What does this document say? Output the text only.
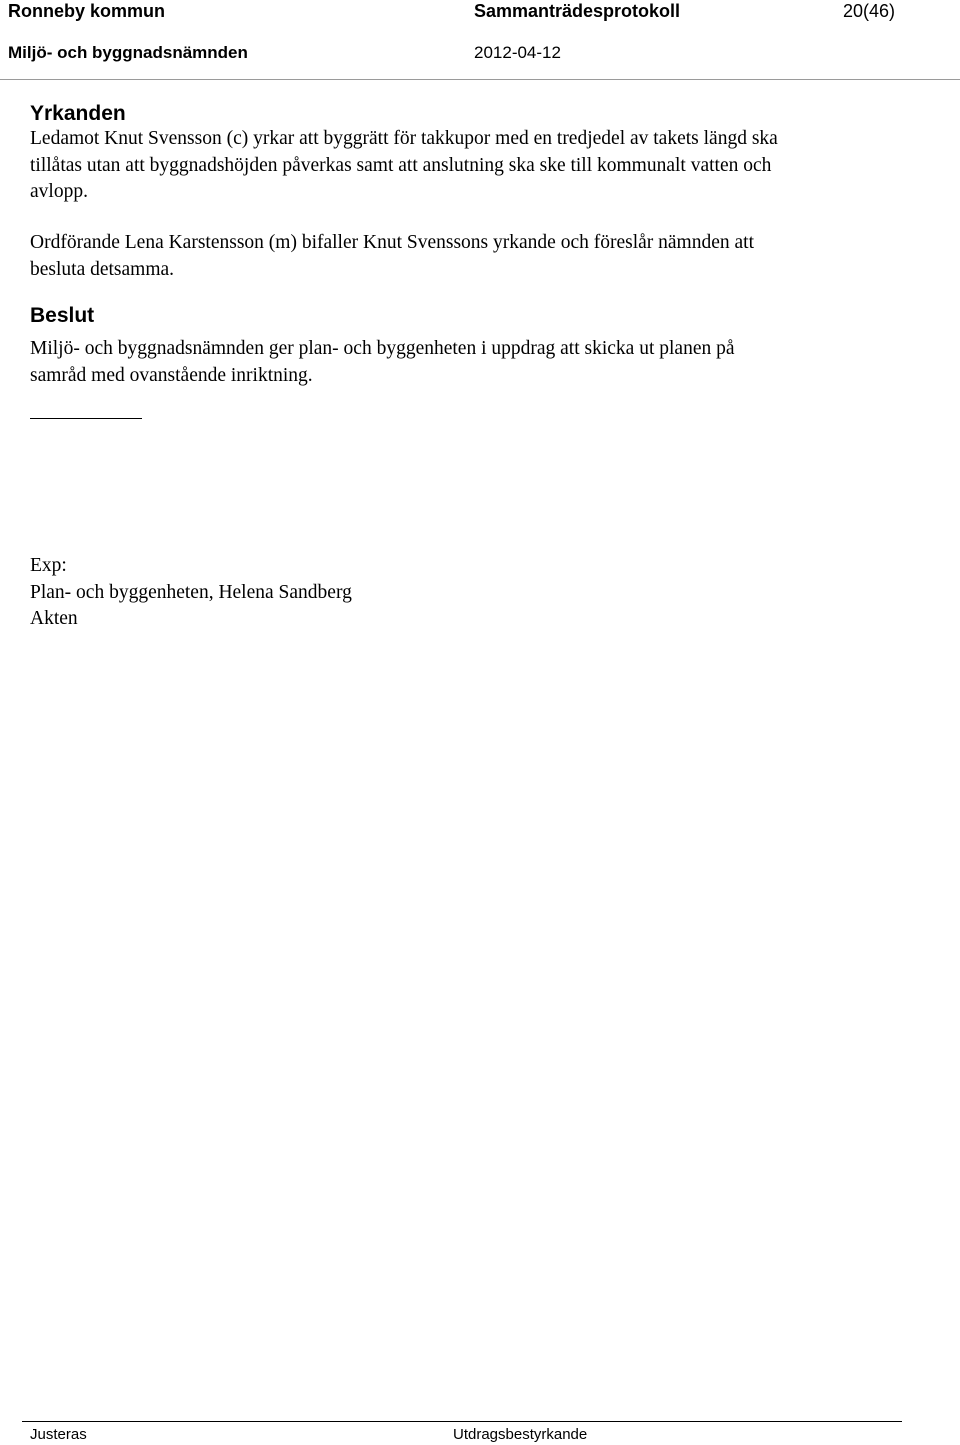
Ronneby kommun	Sammanträdesprotokoll	20(46)
Miljö- och byggnadsnämnden	2012-04-12
Yrkanden
Ledamot Knut Svensson (c) yrkar att byggrätt för takkupor med en tredjedel av takets längd ska
tillåtas utan att byggnadshöjden påverkas samt att anslutning ska ske till kommunalt vatten och
avlopp.
Ordförande Lena Karstensson (m) bifaller Knut Svenssons yrkande och föreslår nämnden att
besluta detsamma.
Beslut
Miljö- och byggnadsnämnden ger plan- och byggenheten i uppdrag att skicka ut planen på
samråd med ovanstående inriktning.
Exp:
Plan- och byggenheten, Helena Sandberg
Akten
Justeras	Utdragsbestyrkande
